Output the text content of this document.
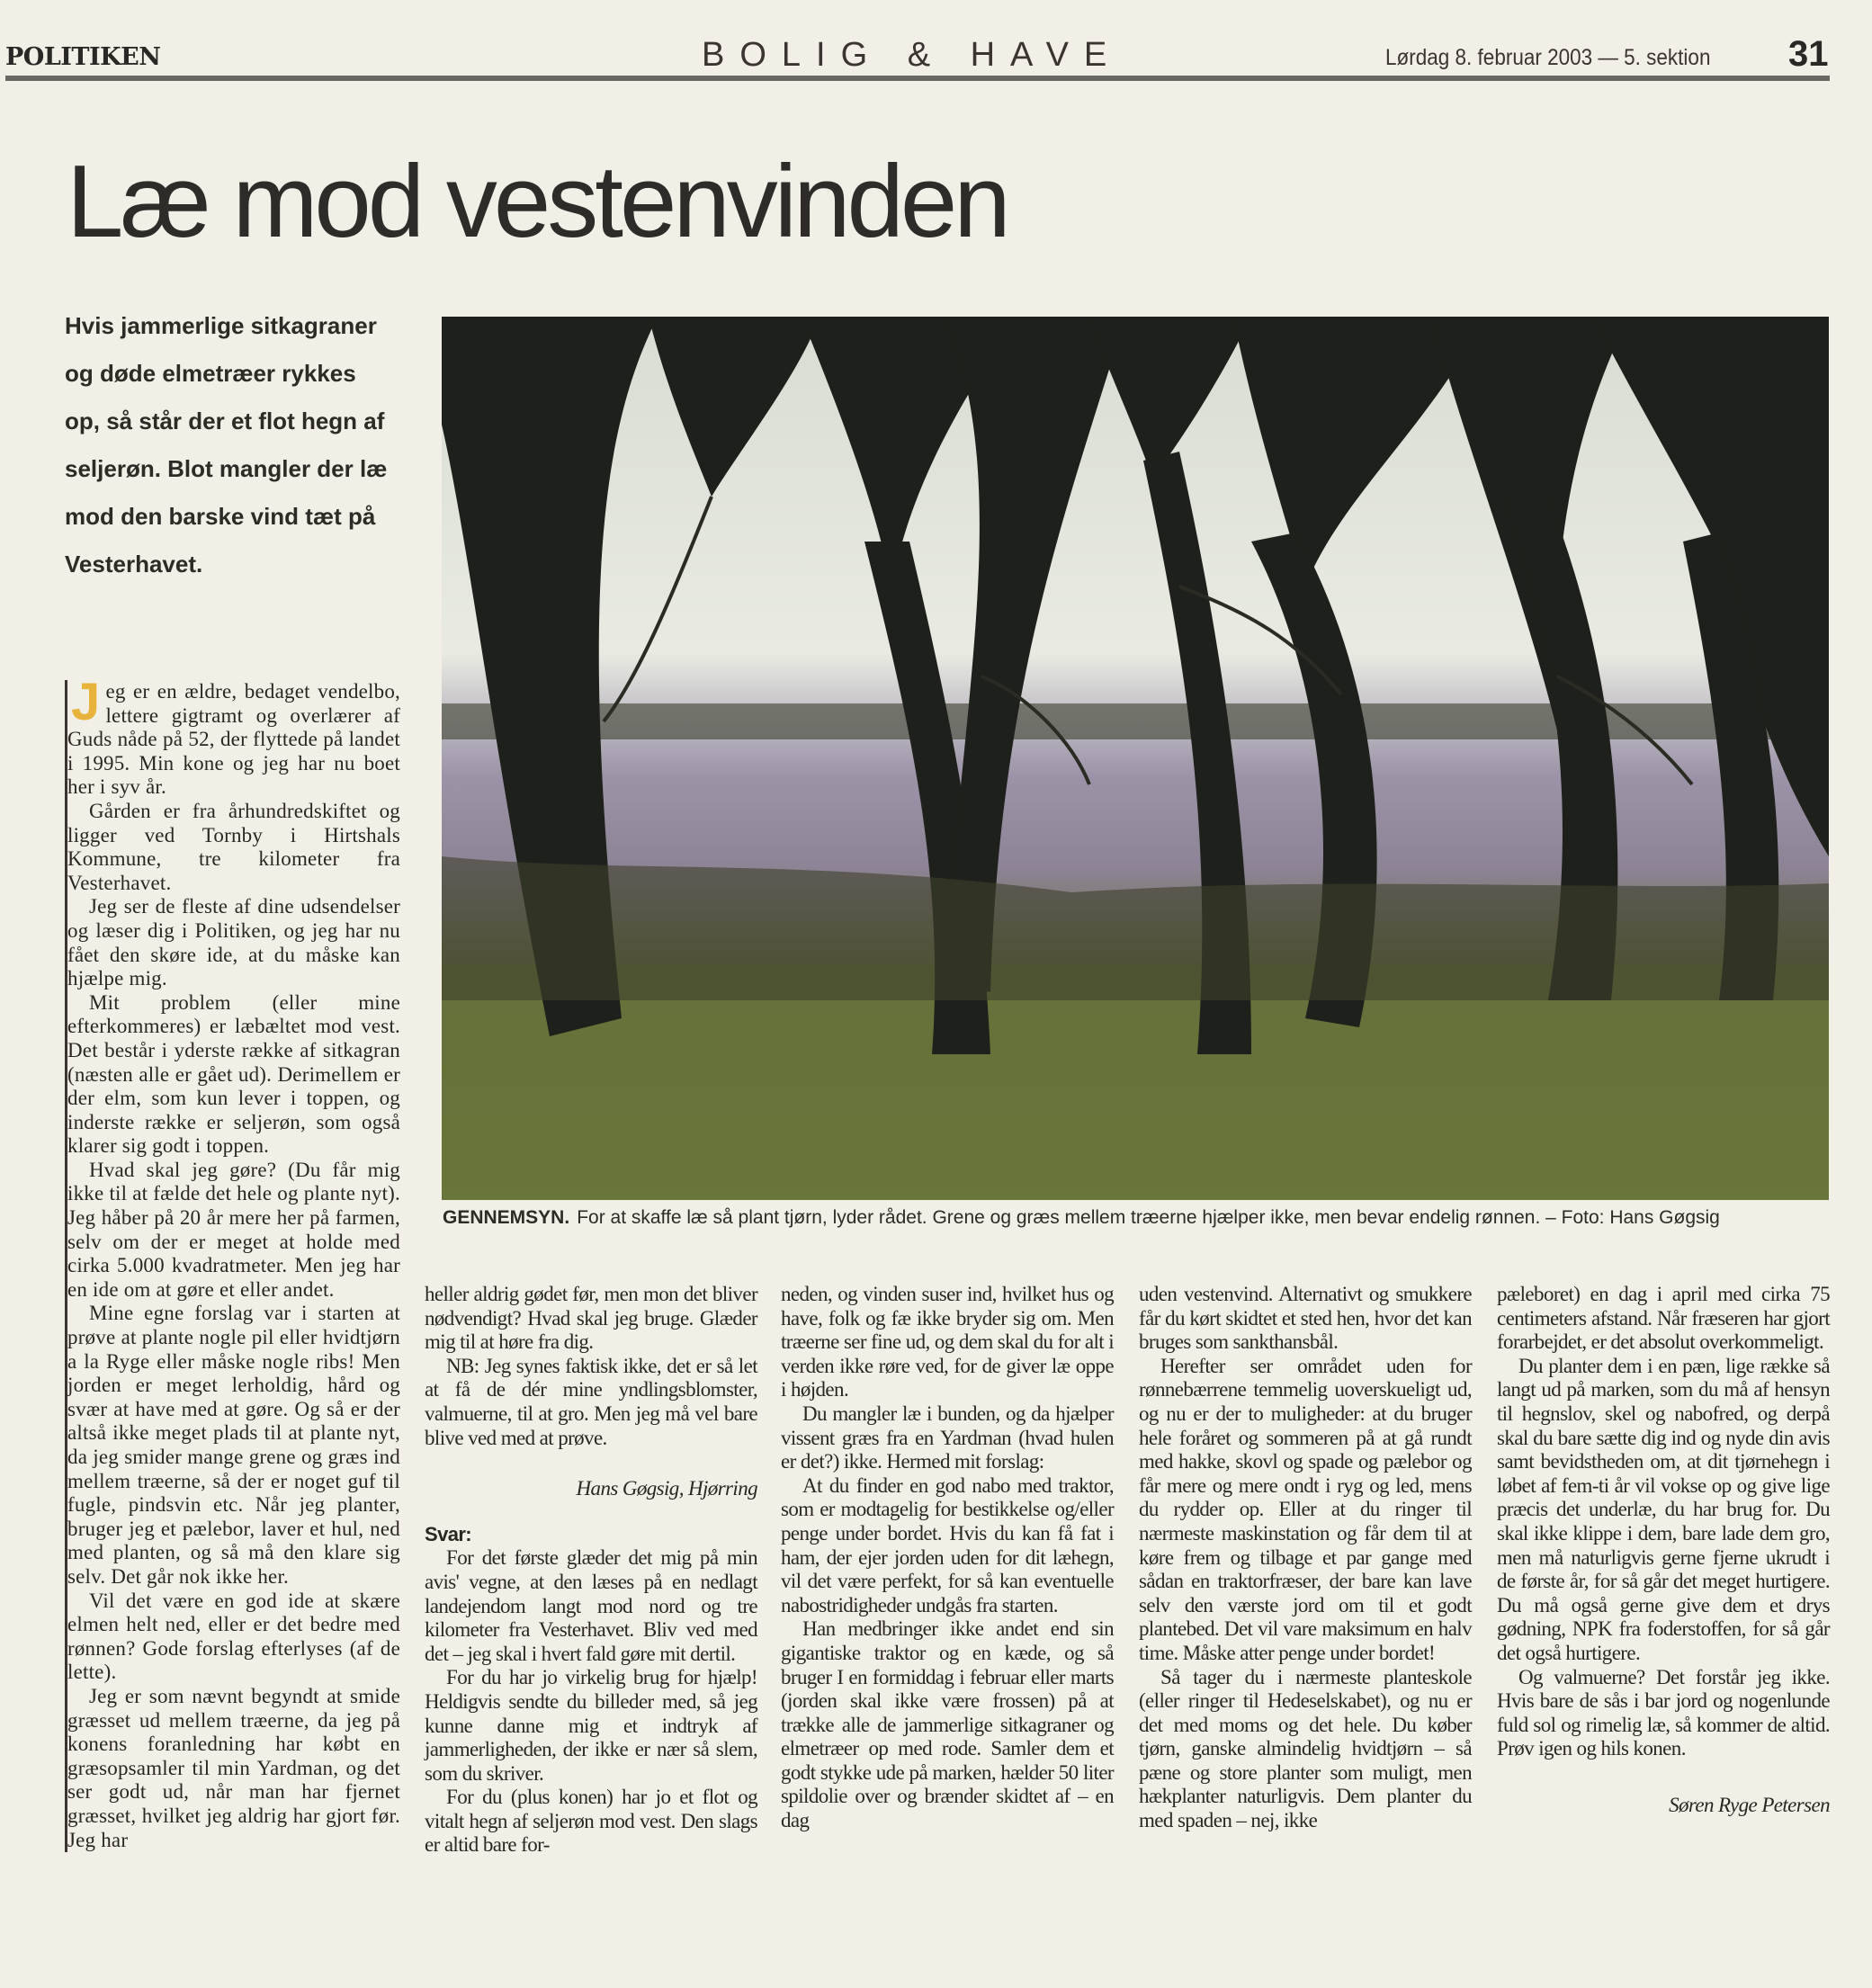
POLITIKEN	BOLIG & HAVE	Lørdag 8. februar 2003 — 5. sektion 31
Læ mod vestenvinden
Hvis jammerlige sitkagraner og døde elmetræer rykkes op, så står der et flot hegn af seljerøn. Blot mangler der læ mod den barske vind tæt på Vesterhavet.
GENNEMSYN. For at skaffe læ så plant tjørn, lyder rådet. Grene og græs mellem træerne hjælper ikke, men bevar endelig rønnen. – Foto: Hans Gøgsig

Jeg er en ældre, bedaget vendelbo, lettere gigtramt og overlærer af Guds nåde på 52, der flyttede på landet i 1995. Min kone og jeg har nu boet her i syv år.

Gården er fra århundredskiftet og ligger ved Tornby i Hirtshals Kommune, tre kilometer fra Vesterhavet.

Jeg ser de fleste af dine udsendelser og læser dig i Politiken, og jeg har nu fået den skøre ide, at du måske kan hjælpe mig.

Mit problem (eller mine efterkommeres) er læbæltet mod vest. Det består i yderste række af sitkagran (næsten alle er gået ud). Derimellem er der elm, som kun lever i toppen, og inderste række er seljerøn, som også klarer sig godt i toppen.

Hvad skal jeg gøre? (Du får mig ikke til at fælde det hele og plante nyt). Jeg håber på 20 år mere her på farmen, selv om der er meget at holde med cirka 5.000 kvadratmeter. Men jeg har en ide om at gøre et eller andet.

Mine egne forslag var i starten at prøve at plante nogle pil eller hvidtjørn a la Ryge eller måske nogle ribs! Men jorden er meget lerholdig, hård og svær at have med at gøre. Og så er der altså ikke meget plads til at plante nyt, da jeg smider mange grene og græs ind mellem træerne, så der er noget guf til fugle, pindsvin etc. Når jeg planter, bruger jeg et pælebor, laver et hul, ned med planten, og så må den klare sig selv. Det går nok ikke her.

Vil det være en god ide at skære elmen helt ned, eller er det bedre med rønnen? Gode forslag efterlyses (af de lette).

Jeg er som nævnt begyndt at smide græsset ud mellem træerne, da jeg på konens foranledning har købt en græsopsamler til min Yardman, og det ser godt ud, når man har fjernet græsset, hvilket jeg aldrig har gjort før. Jeg har

heller aldrig gødet før, men mon det bliver nødvendigt? Hvad skal jeg bruge. Glæder mig til at høre fra dig.

NB: Jeg synes faktisk ikke, det er så let at få de dér mine yndlingsblomster, valmuerne, til at gro. Men jeg må vel bare blive ved med at prøve.

Hans Gøgsig, Hjørring

Svar:

For det første glæder det mig på min avis' vegne, at den læses på en nedlagt landejendom langt mod nord og tre kilometer fra Vesterhavet. Bliv ved med det – jeg skal i hvert fald gøre mit dertil.

For du har jo virkelig brug for hjælp! Heldigvis sendte du billeder med, så jeg kunne danne mig et indtryk af jammerligheden, der ikke er nær så slem, som du skriver.

For du (plus konen) har jo et flot og vitalt hegn af seljerøn mod vest. Den slags er altid bare for-

neden, og vinden suser ind, hvilket hus og have, folk og fæ ikke bryder sig om. Men træerne ser fine ud, og dem skal du for alt i verden ikke røre ved, for de giver læ oppe i højden.

Du mangler læ i bunden, og da hjælper vissent græs fra en Yardman (hvad hulen er det?) ikke. Hermed mit forslag:

At du finder en god nabo med traktor, som er modtagelig for bestikkelse og/eller penge under bordet. Hvis du kan få fat i ham, der ejer jorden uden for dit læhegn, vil det være perfekt, for så kan eventuelle nabostridigheder undgås fra starten.

Han medbringer ikke andet end sin gigantiske traktor og en kæde, og så bruger I en formiddag i februar eller marts (jorden skal ikke være frossen) på at trække alle de jammerlige sitkagraner og elmetræer op med rode. Samler dem et godt stykke ude på marken, hælder 50 liter spildolie over og brænder skidtet af – en dag

uden vestenvind. Alternativt og smukkere får du kørt skidtet et sted hen, hvor det kan bruges som sankthansbål.

Herefter ser området uden for rønnebærrene temmelig uoverskueligt ud, og nu er der to muligheder: at du bruger hele foråret og sommeren på at gå rundt med hakke, skovl og spade og pælebor og får mere og mere ondt i ryg og led, mens du rydder op. Eller at du ringer til nærmeste maskinstation og får dem til at køre frem og tilbage et par gange med sådan en traktorfræser, der bare kan lave selv den værste jord om til et godt plantebed. Det vil vare maksimum en halv time. Måske atter penge under bordet!

Så tager du i nærmeste planteskole (eller ringer til Hedeselskabet), og nu er det med moms og det hele. Du køber tjørn, ganske almindelig hvidtjørn – så pæne og store planter som muligt, men hækplanter naturligvis. Dem planter du med spaden – nej, ikke

pæleboret) en dag i april med cirka 75 centimeters afstand. Når fræseren har gjort forarbejdet, er det absolut overkommeligt.

Du planter dem i en pæn, lige række så langt ud på marken, som du må af hensyn til hegnslov, skel og nabofred, og derpå skal du bare sætte dig ind og nyde din avis samt bevidstheden om, at dit tjørnehegn i løbet af fem-ti år vil vokse op og give lige præcis det underlæ, du har brug for. Du skal ikke klippe i dem, bare lade dem gro, men må naturligvis gerne fjerne ukrudt i de første år, for så går det meget hurtigere. Du må også gerne give dem et drys gødning, NPK fra foderstoffen, for så går det også hurtigere.

Og valmuerne? Det forstår jeg ikke. Hvis bare de sås i bar jord og nogenlunde fuld sol og rimelig læ, så kommer de altid. Prøv igen og hils konen.

Søren Ryge Petersen
